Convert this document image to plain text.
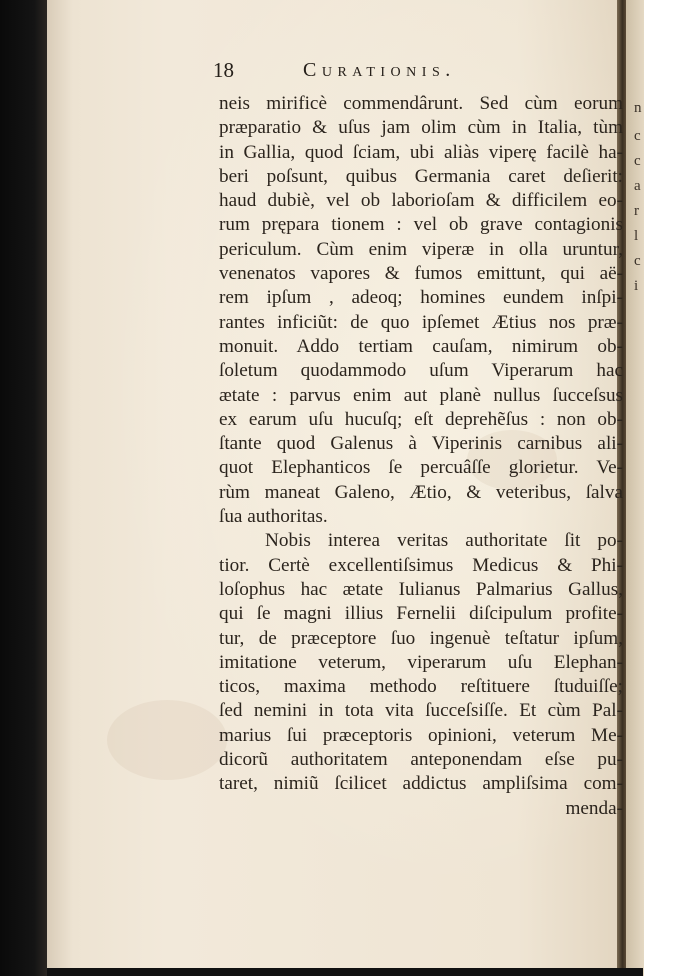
n
c
c
a
r
l
c
i
18	Curationis.
neis mirificè commendârunt. Sed cùm eorum
præparatio & uſus jam olim cùm in Italia, tùm
in Gallia, quod ſciam, ubi aliàs viperę facilè ha-
beri poſsunt, quibus Germania caret deſierit:
haud dubiè, vel ob laborioſam & difficilem eo-
rum prępara tionem : vel ob grave contagionis
periculum. Cùm enim viperæ in olla uruntur,
venenatos vapores & fumos emittunt, qui aë-
rem ipſum , adeoq; homines eundem inſpi-
rantes inficiũt: de quo ipſemet Ætius nos præ-
monuit. Addo tertiam cauſam, nimirum ob-
ſoletum quodammodo uſum Viperarum hac
ætate : parvus enim aut planè nullus ſucceſsus
ex earum uſu hucuſq; eſt deprehẽſus : non ob-
ſtante quod Galenus à Viperinis carnibus ali-
quot Elephanticos ſe percuâſſe glorietur. Ve-
rùm maneat Galeno, Ætio, & veteribus, ſalva
ſua authoritas.
Nobis interea veritas authoritate ſit po-
tior. Certè excellentiſsimus Medicus & Phi-
loſophus hac ætate Iulianus Palmarius Gallus,
qui ſe magni illius Fernelii diſcipulum profite-
tur, de præceptore ſuo ingenuè teſtatur ipſum,
imitatione veterum, viperarum uſu Elephan-
ticos, maxima methodo reſtituere ſtuduiſſe;
ſed nemini in tota vita ſucceſsiſſe. Et cùm Pal-
marius ſui præceptoris opinioni, veterum Me-
dicorũ authoritatem anteponendam eſse pu-
taret, nimiũ ſcilicet addictus ampliſsima com-
menda-
